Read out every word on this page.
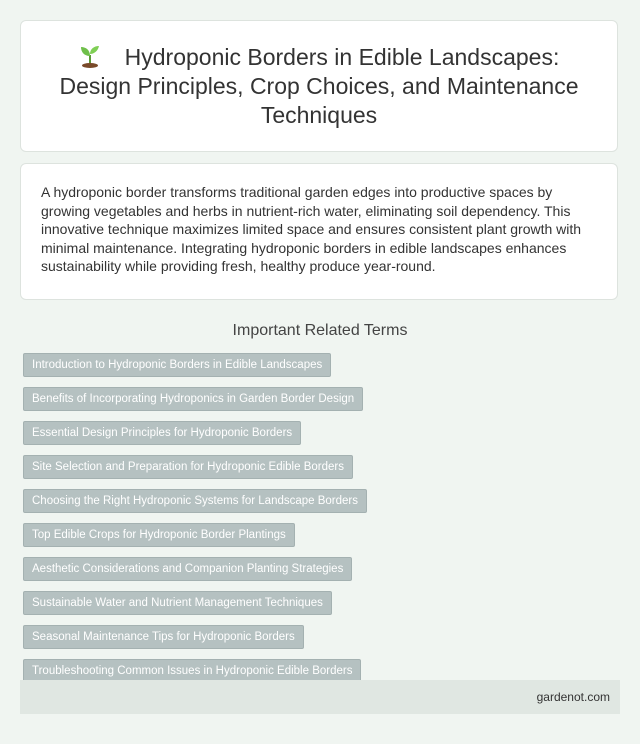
Hydroponic Borders in Edible Landscapes: Design Principles, Crop Choices, and Maintenance Techniques

A hydroponic border transforms traditional garden edges into productive spaces by growing vegetables and herbs in nutrient-rich water, eliminating soil dependency. This innovative technique maximizes limited space and ensures consistent plant growth with minimal maintenance. Integrating hydroponic borders in edible landscapes enhances sustainability while providing fresh, healthy produce year-round.

Important Related Terms
Introduction to Hydroponic Borders in Edible Landscapes
Benefits of Incorporating Hydroponics in Garden Border Design
Essential Design Principles for Hydroponic Borders
Site Selection and Preparation for Hydroponic Edible Borders
Choosing the Right Hydroponic Systems for Landscape Borders
Top Edible Crops for Hydroponic Border Plantings
Aesthetic Considerations and Companion Planting Strategies
Sustainable Water and Nutrient Management Techniques
Seasonal Maintenance Tips for Hydroponic Borders
Troubleshooting Common Issues in Hydroponic Edible Borders
gardenot.com
